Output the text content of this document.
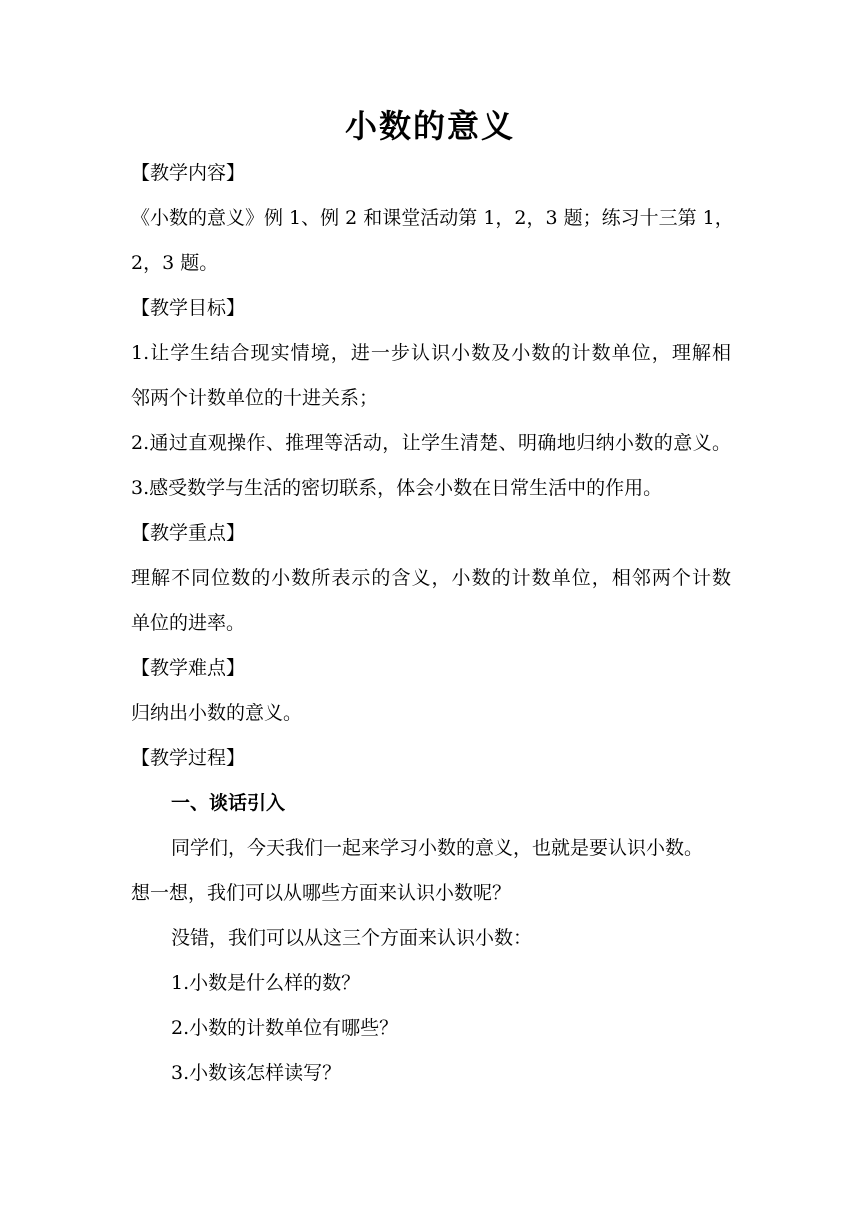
小数的意义
【教学内容】
《小数的意义》例 1、例 2 和课堂活动第 1，2，3 题；练习十三第 1，
2，3 题。
【教学目标】
1.让学生结合现实情境，进一步认识小数及小数的计数单位，理解相
邻两个计数单位的十进关系；
2.通过直观操作、推理等活动，让学生清楚、明确地归纳小数的意义。
3.感受数学与生活的密切联系，体会小数在日常生活中的作用。
【教学重点】
理解不同位数的小数所表示的含义，小数的计数单位，相邻两个计数
单位的进率。
【教学难点】
归纳出小数的意义。
【教学过程】
一、谈话引入
同学们，今天我们一起来学习小数的意义，也就是要认识小数。
想一想，我们可以从哪些方面来认识小数呢？
没错，我们可以从这三个方面来认识小数：
1.小数是什么样的数？
2.小数的计数单位有哪些？
3.小数该怎样读写？
